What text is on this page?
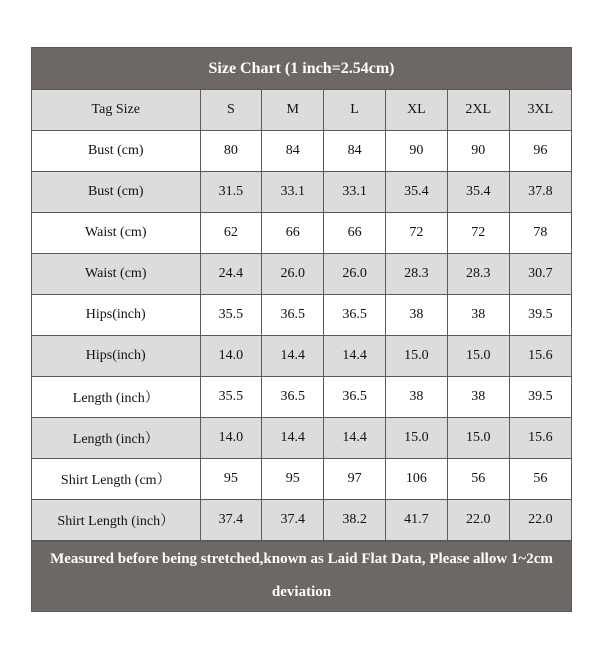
Size Chart (1 inch=2.54cm)
Tag Size	S	M	L	XL	2XL	3XL
Bust (cm)	80	84	84	90	90	96
Bust (cm)	31.5	33.1	33.1	35.4	35.4	37.8
Waist (cm)	62	66	66	72	72	78
Waist (cm)	24.4	26.0	26.0	28.3	28.3	30.7
Hips(inch)	35.5	36.5	36.5	38	38	39.5
Hips(inch)	14.0	14.4	14.4	15.0	15.0	15.6
Length (inch）	35.5	36.5	36.5	38	38	39.5
Length (inch）	14.0	14.4	14.4	15.0	15.0	15.6
Shirt Length (cm）	95	95	97	106	56	56
Shirt Length (inch）	37.4	37.4	38.2	41.7	22.0	22.0
Measured before being stretched,known as Laid Flat Data, Please allow 1~2cm deviation
